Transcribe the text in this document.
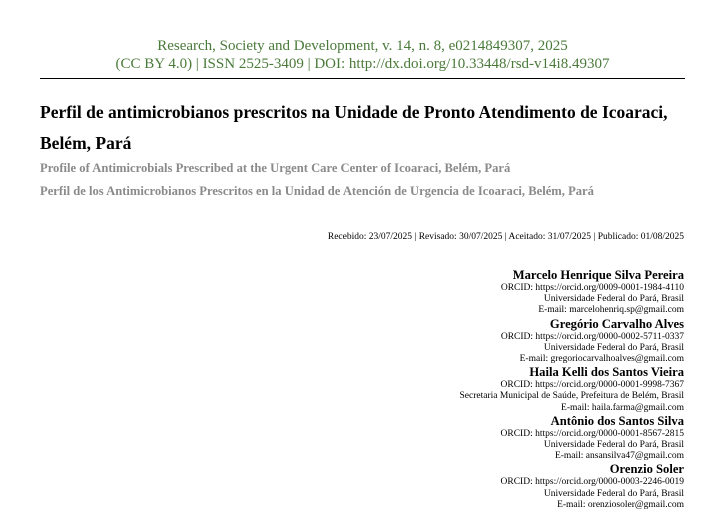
Research, Society and Development, v. 14, n. 8, e0214849307, 2025
(CC BY 4.0) | ISSN 2525-3409 | DOI: http://dx.doi.org/10.33448/rsd-v14i8.49307
Perfil de antimicrobianos prescritos na Unidade de Pronto Atendimento de Icoaraci, Belém, Pará
Profile of Antimicrobials Prescribed at the Urgent Care Center of Icoaraci, Belém, Pará
Perfil de los Antimicrobianos Prescritos en la Unidad de Atención de Urgencia de Icoaraci, Belém, Pará
Recebido: 23/07/2025 | Revisado: 30/07/2025 | Aceitado: 31/07/2025 | Publicado: 01/08/2025
Marcelo Henrique Silva Pereira
ORCID: https://orcid.org/0009-0001-1984-4110
Universidade Federal do Pará, Brasil
E-mail: marcelohenriq.sp@gmail.com
Gregório Carvalho Alves
ORCID: https://orcid.org/0000-0002-5711-0337
Universidade Federal do Pará, Brasil
E-mail: gregoriocarvalhoalves@gmail.com
Haila Kelli dos Santos Vieira
ORCID: https://orcid.org/0000-0001-9998-7367
Secretaria Municipal de Saúde, Prefeitura de Belém, Brasil
E-mail: haila.farma@gmail.com
Antônio dos Santos Silva
ORCID: https://orcid.org/0000-0001-8567-2815
Universidade Federal do Pará, Brasil
E-mail: ansansilva47@gmail.com
Orenzio Soler
ORCID: https://orcid.org/0000-0003-2246-0019
Universidade Federal do Pará, Brasil
E-mail: orenziosoler@gmail.com
